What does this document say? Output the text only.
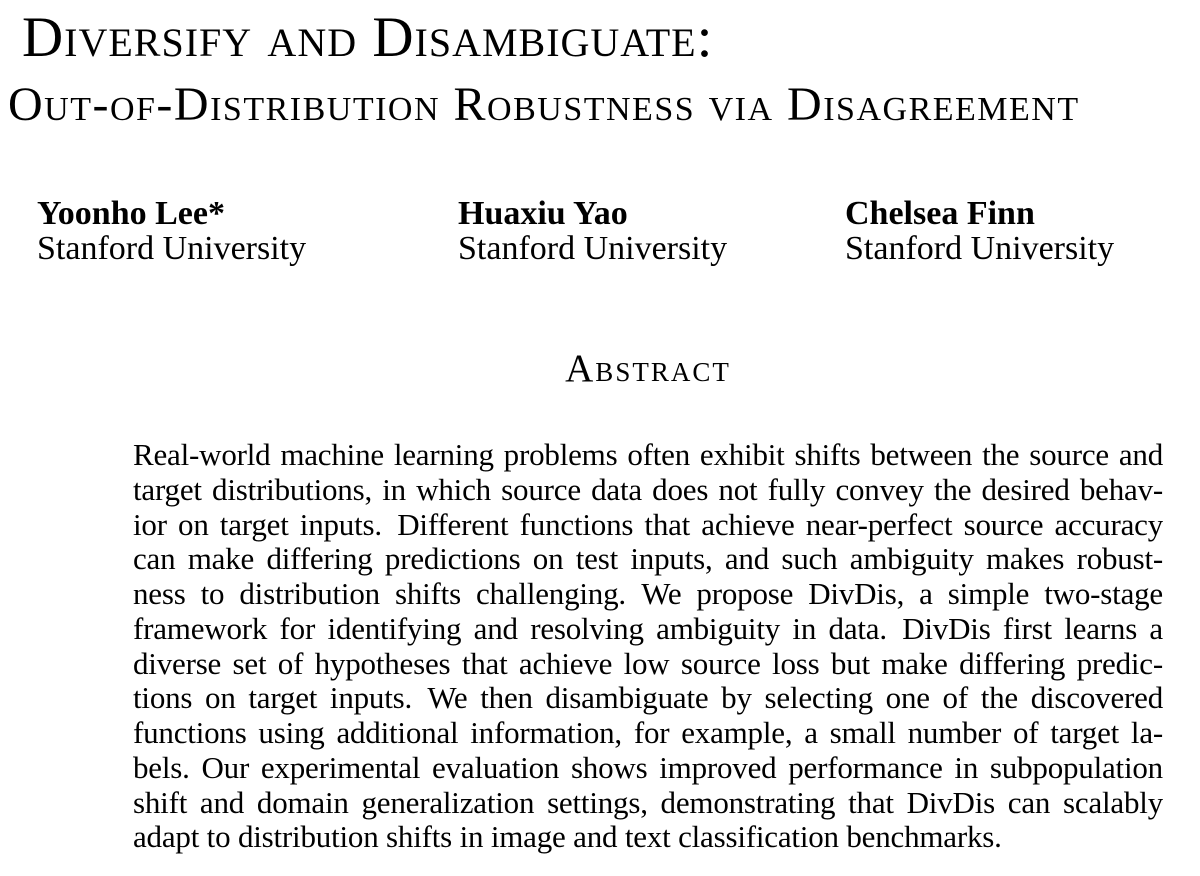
Diversify and Disambiguate:
Out-of-Distribution Robustness via Disagreement
Yoonho Lee*
Stanford University
Huaxiu Yao
Stanford University
Chelsea Finn
Stanford University
Abstract
Real-world machine learning problems often exhibit shifts between the source and
target distributions, in which source data does not fully convey the desired behav-
ior on target inputs. Different functions that achieve near-perfect source accuracy
can make differing predictions on test inputs, and such ambiguity makes robust-
ness to distribution shifts challenging. We propose DivDis, a simple two-stage
framework for identifying and resolving ambiguity in data. DivDis first learns a
diverse set of hypotheses that achieve low source loss but make differing predic-
tions on target inputs. We then disambiguate by selecting one of the discovered
functions using additional information, for example, a small number of target la-
bels. Our experimental evaluation shows improved performance in subpopulation
shift and domain generalization settings, demonstrating that DivDis can scalably
adapt to distribution shifts in image and text classification benchmarks.
